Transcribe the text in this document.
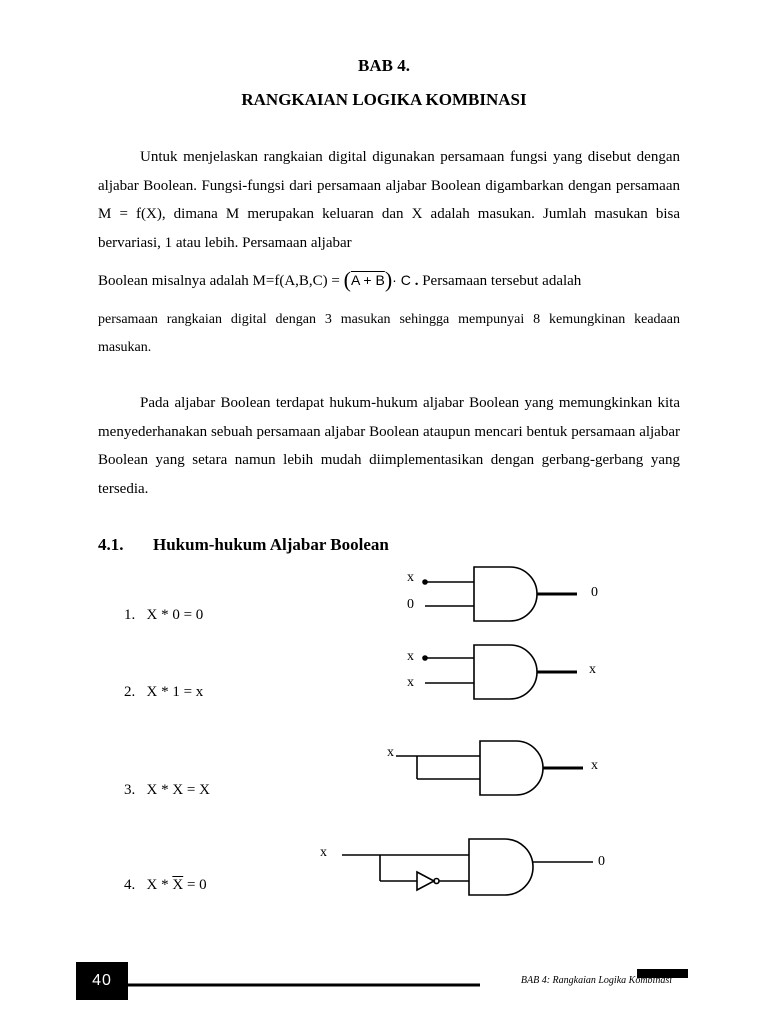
BAB 4.
RANGKAIAN LOGIKA KOMBINASI
Untuk menjelaskan rangkaian digital digunakan persamaan fungsi yang disebut dengan aljabar Boolean. Fungsi-fungsi dari persamaan aljabar Boolean digambarkan dengan persamaan M = f(X), dimana M merupakan keluaran dan X adalah masukan. Jumlah masukan bisa bervariasi, 1 atau lebih. Persamaan aljabar
Boolean misalnya adalah M=f(A,B,C) = (A + B)· C . Persamaan tersebut adalah
persamaan rangkaian digital dengan 3 masukan sehingga mempunyai 8 kemungkinan keadaan masukan.
Pada aljabar Boolean terdapat hukum-hukum aljabar Boolean yang memungkinkan kita menyederhanakan sebuah persamaan aljabar Boolean ataupun mencari bentuk persamaan aljabar Boolean yang setara namun lebih mudah diimplementasikan dengan gerbang-gerbang yang tersedia.
4.1. Hukum-hukum Aljabar Boolean
1.   X * 0 = 0
2.   X * 1 = x
3.   X * X = X
4.   $X * \overline{X} = 0$
x
0
0
x
x
x
x
x
x
0
40	BAB 4: Rangkaian Logika Kombinasi
